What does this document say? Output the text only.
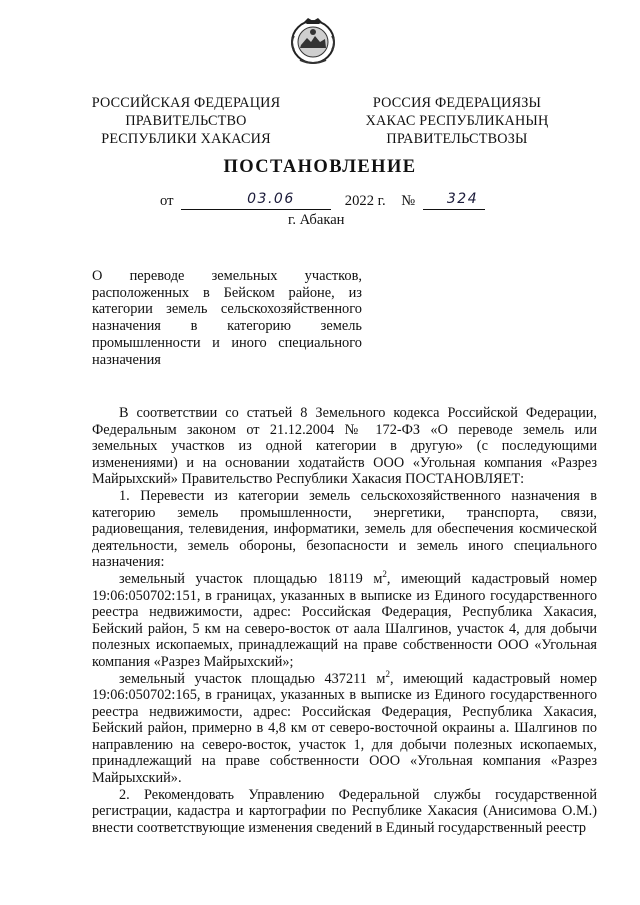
РОССИЙСКАЯ ФЕДЕРАЦИЯ
ПРАВИТЕЛЬСТВО
РЕСПУБЛИКИ ХАКАСИЯ
РОССИЯ ФЕДЕРАЦИЯЗЫ
ХАКАС РЕСПУБЛИКАНЫҢ
ПРАВИТЕЛЬСТВОЗЫ
ПОСТАНОВЛЕНИЕ
от	03.06	2022 г. № 324
г. Абакан
О переводе земельных участков,
расположенных в Бейском районе, из
категории земель сельскохозяйственного
назначения в категорию земель
промышленности и иного специального
назначения

В соответствии со статьей 8 Земельного кодекса Российской Федерации, Федеральным законом от 21.12.2004 № 172-ФЗ «О переводе земель или земельных участков из одной категории в другую» (с последующими изменениями) и на основании ходатайств ООО «Угольная компания «Разрез Майрыхский» Правительство Республики Хакасия ПОСТАНОВЛЯЕТ:

1. Перевести из категории земель сельскохозяйственного назначения в категорию земель промышленности, энергетики, транспорта, связи, радиовещания, телевидения, информатики, земель для обеспечения космической деятельности, земель обороны, безопасности и земель иного специального назначения:

земельный участок площадью 18119 $м^2$, имеющий кадастровый номер 19:06:050702:151, в границах, указанных в выписке из Единого государственного реестра недвижимости, адрес: Российская Федерация, Республика Хакасия, Бейский район, 5 км на северо-восток от аала Шалгинов, участок 4, для добычи полезных ископаемых, принадлежащий на праве собственности ООО «Угольная компания «Разрез Майрыхский»;

земельный участок площадью 437211 $м^2$, имеющий кадастровый номер 19:06:050702:165, в границах, указанных в выписке из Единого государственного реестра недвижимости, адрес: Российская Федерация, Республика Хакасия, Бейский район, примерно в 4,8 км от северо-восточной окраины а. Шалгинов по направлению на северо-восток, участок 1, для добычи полезных ископаемых, принадлежащий на праве собственности ООО «Угольная компания «Разрез Майрыхский».

2. Рекомендовать Управлению Федеральной службы государственной регистрации, кадастра и картографии по Республике Хакасия (Анисимова О.М.) внести соответствующие изменения сведений в Единый государственный реестр
